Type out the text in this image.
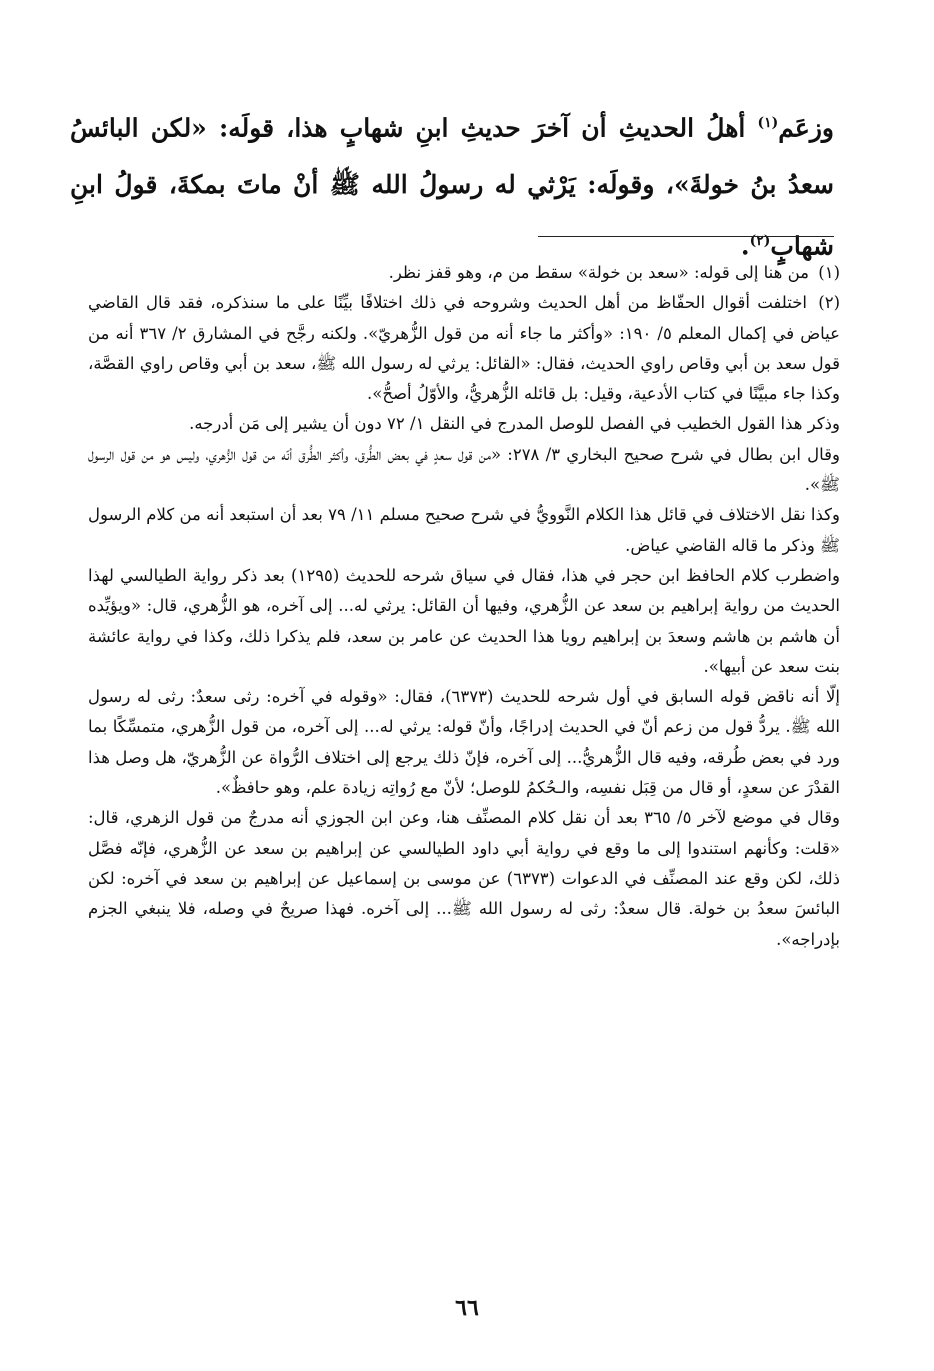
وزعَم$^{(١)}$ أهلُ الحديثِ أن آخرَ حديثِ ابنِ شهابٍ هذا، قولَه: «لكن البائسُ سعدُ بنُ خولةَ»، وقولَه: يَرْثي له رسولُ الله ﷺ أنْ ماتَ بمكةَ، قولُ ابنِ شهابٍ$^{(٢)}$.

(١) من هنا إلى قوله: «سعد بن خولة» سقط من م، وهو قفز نظر.

(٢) اختلفت أقوال الحفّاظ من أهل الحديث وشروحه في ذلك اختلافًا بيِّنًا على ما سنذكره، فقد قال القاضي عياض في إكمال المعلم ٥/ ١٩٠: «وأكثر ما جاء أنه من قول الزُّهريّ». ولكنه رجَّح في المشارق ٢/ ٣٦٧ أنه من قول سعد بن أبي وقاص راوي الحديث، فقال: «القائل: يرثي له رسول الله ﷺ، سعد بن أبي وقاص راوي القصَّة، وكذا جاء مبيَّنًا في كتاب الأدعية، وقيل: بل قائله الزُّهريُّ، والأوّلُ أصحُّ».

وذكر هذا القول الخطيب في الفصل للوصل المدرج في النقل ١/ ٧٢ دون أن يشير إلى مَن أدرجه.

وقال ابن بطال في شرح صحيح البخاري ٣/ ٢٧٨: «من قول سعدٍ في بعض الطُّرق، وأكثر الطُّرق أنّه من قول الزُّهري، وليس هو من قول الرسول ﷺ».

وكذا نقل الاختلاف في قائل هذا الكلام النَّوويُّ في شرح صحيح مسلم ١١/ ٧٩ بعد أن استبعد أنه من كلام الرسول ﷺ وذكر ما قاله القاضي عياض.

واضطرب كلام الحافظ ابن حجر في هذا، فقال في سياق شرحه للحديث (١٢٩٥) بعد ذكر رواية الطيالسي لهذا الحديث من رواية إبراهيم بن سعد عن الزُّهري، وفيها أن القائل: يرثي له... إلى آخره، هو الزُّهري، قال: «ويؤيِّده أن هاشم بن هاشم وسعدَ بن إبراهيم رويا هذا الحديث عن عامر بن سعد، فلم يذكرا ذلك، وكذا في رواية عائشة بنت سعد عن أبيها».

إلّا أنه ناقض قوله السابق في أول شرحه للحديث (٦٣٧٣)، فقال: «وقوله في آخره: رثى سعدٌ: رثى له رسول الله ﷺ. يردُّ قول من زعم أنّ في الحديث إدراجًا، وأنّ قوله: يرثي له... إلى آخره، من قول الزُّهري، متمسِّكًا بما ورد في بعض طُرقه، وفيه قال الزُّهريُّ... إلى آخره، فإنّ ذلك يرجع إلى اختلاف الرُّواة عن الزُّهريّ، هل وصل هذا القدْرَ عن سعدٍ، أو قال من قِبَل نفسِه، والـحُكمُ للوصل؛ لأنّ مع رُواتِه زيادة علم، وهو حافظٌ».

وقال في موضع لآخر ٥/ ٣٦٥ بعد أن نقل كلام المصنِّف هنا، وعن ابن الجوزي أنه مدرجٌ من قول الزهري، قال: «قلت: وكأنهم استندوا إلى ما وقع في رواية أبي داود الطيالسي عن إبراهيم بن سعد عن الزُّهري، فإنّه فصَّل ذلك، لكن وقع عند المصنِّف في الدعوات (٦٣٧٣) عن موسى بن إسماعيل عن إبراهيم بن سعد في آخره: لكن البائسَ سعدُ بن خولة. قال سعدٌ: رثى له رسول الله ﷺ... إلى آخره. فهذا صريحٌ في وصله، فلا ينبغي الجزم بإدراجه».

٦٦
